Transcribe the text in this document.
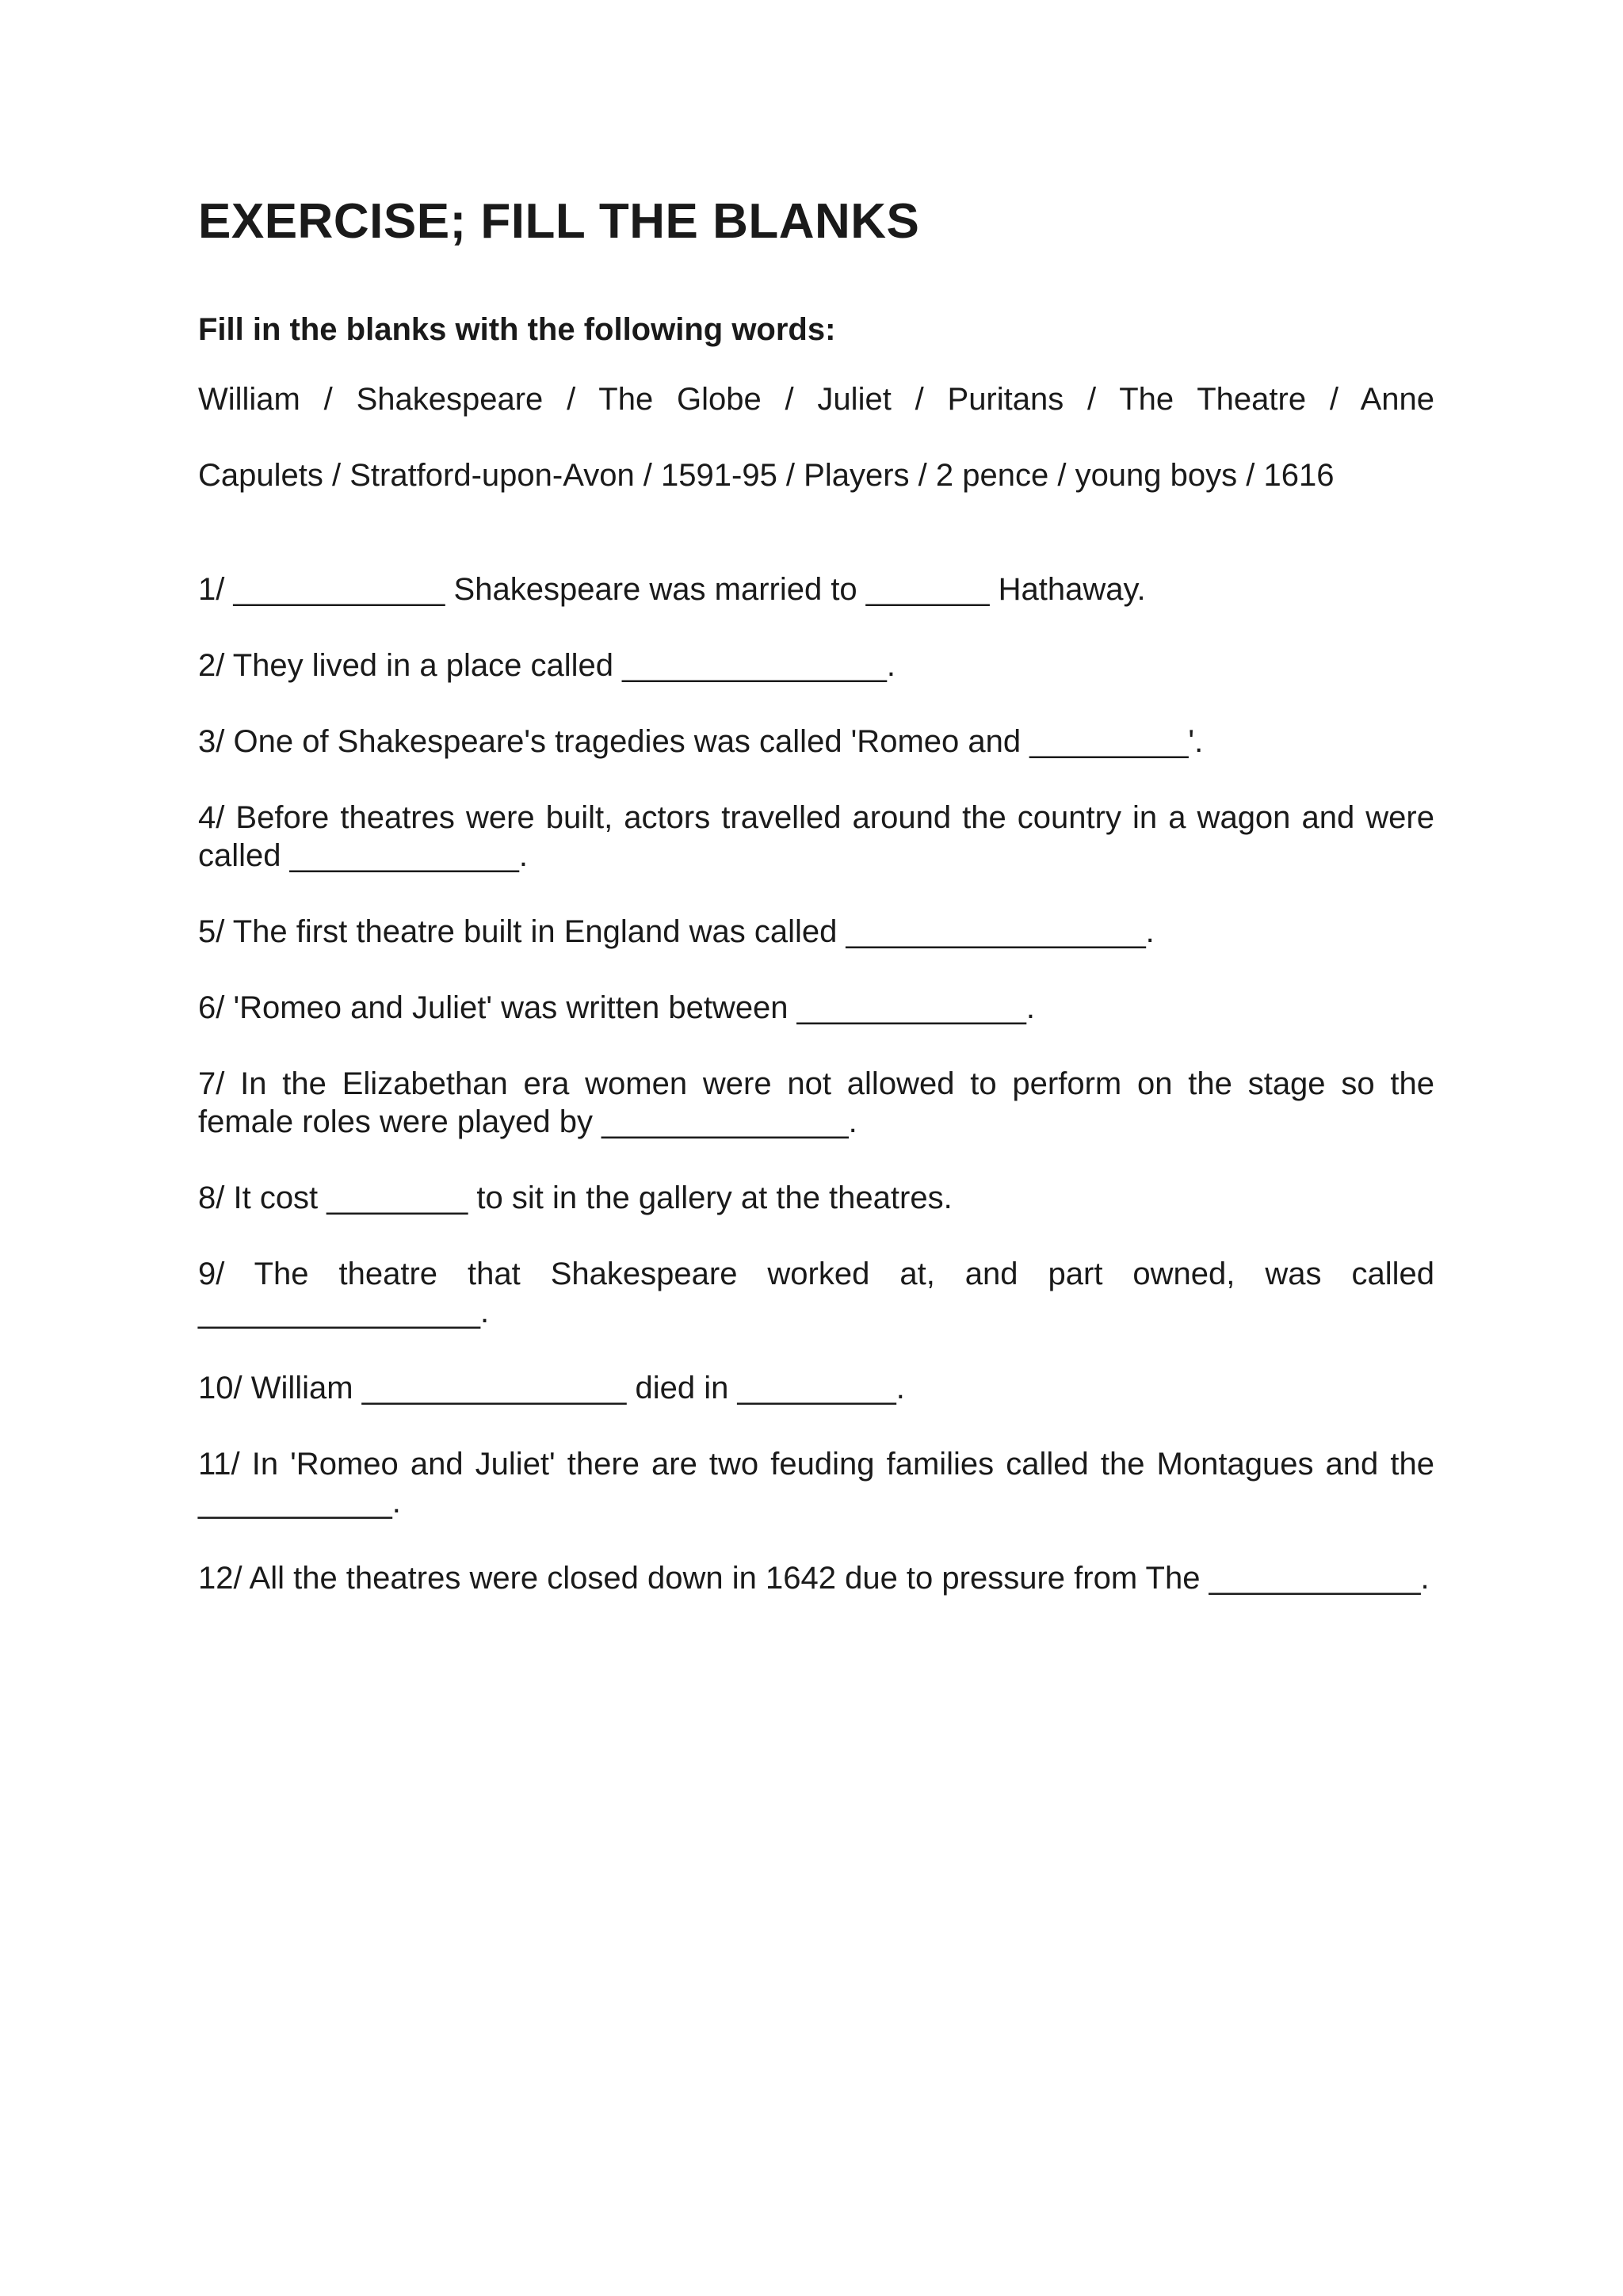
EXERCISE; FILL THE BLANKS

Fill in the blanks with the following words:

William / Shakespeare / The Globe / Juliet / Puritans / The Theatre / Anne

Capulets / Stratford-upon-Avon / 1591-95 / Players / 2 pence / young boys / 1616

1/ ____________ Shakespeare was married to _______ Hathaway.

2/ They lived in a place called _______________.

3/ One of Shakespeare's tragedies was called 'Romeo and _________'.

4/ Before theatres were built, actors travelled around the country in a wagon and were called _____________.

5/ The first theatre built in England was called _________________.

6/ 'Romeo and Juliet' was written between _____________.

7/ In the Elizabethan era women were not allowed to perform on the stage so the female roles were played by ______________.

8/ It cost ________ to sit in the gallery at the theatres.

9/ The theatre that Shakespeare worked at, and part owned, was called ________________.

10/ William _______________ died in _________.

11/ In 'Romeo and Juliet' there are two feuding families called the Montagues and the ___________.

12/ All the theatres were closed down in 1642 due to pressure from The ____________.
